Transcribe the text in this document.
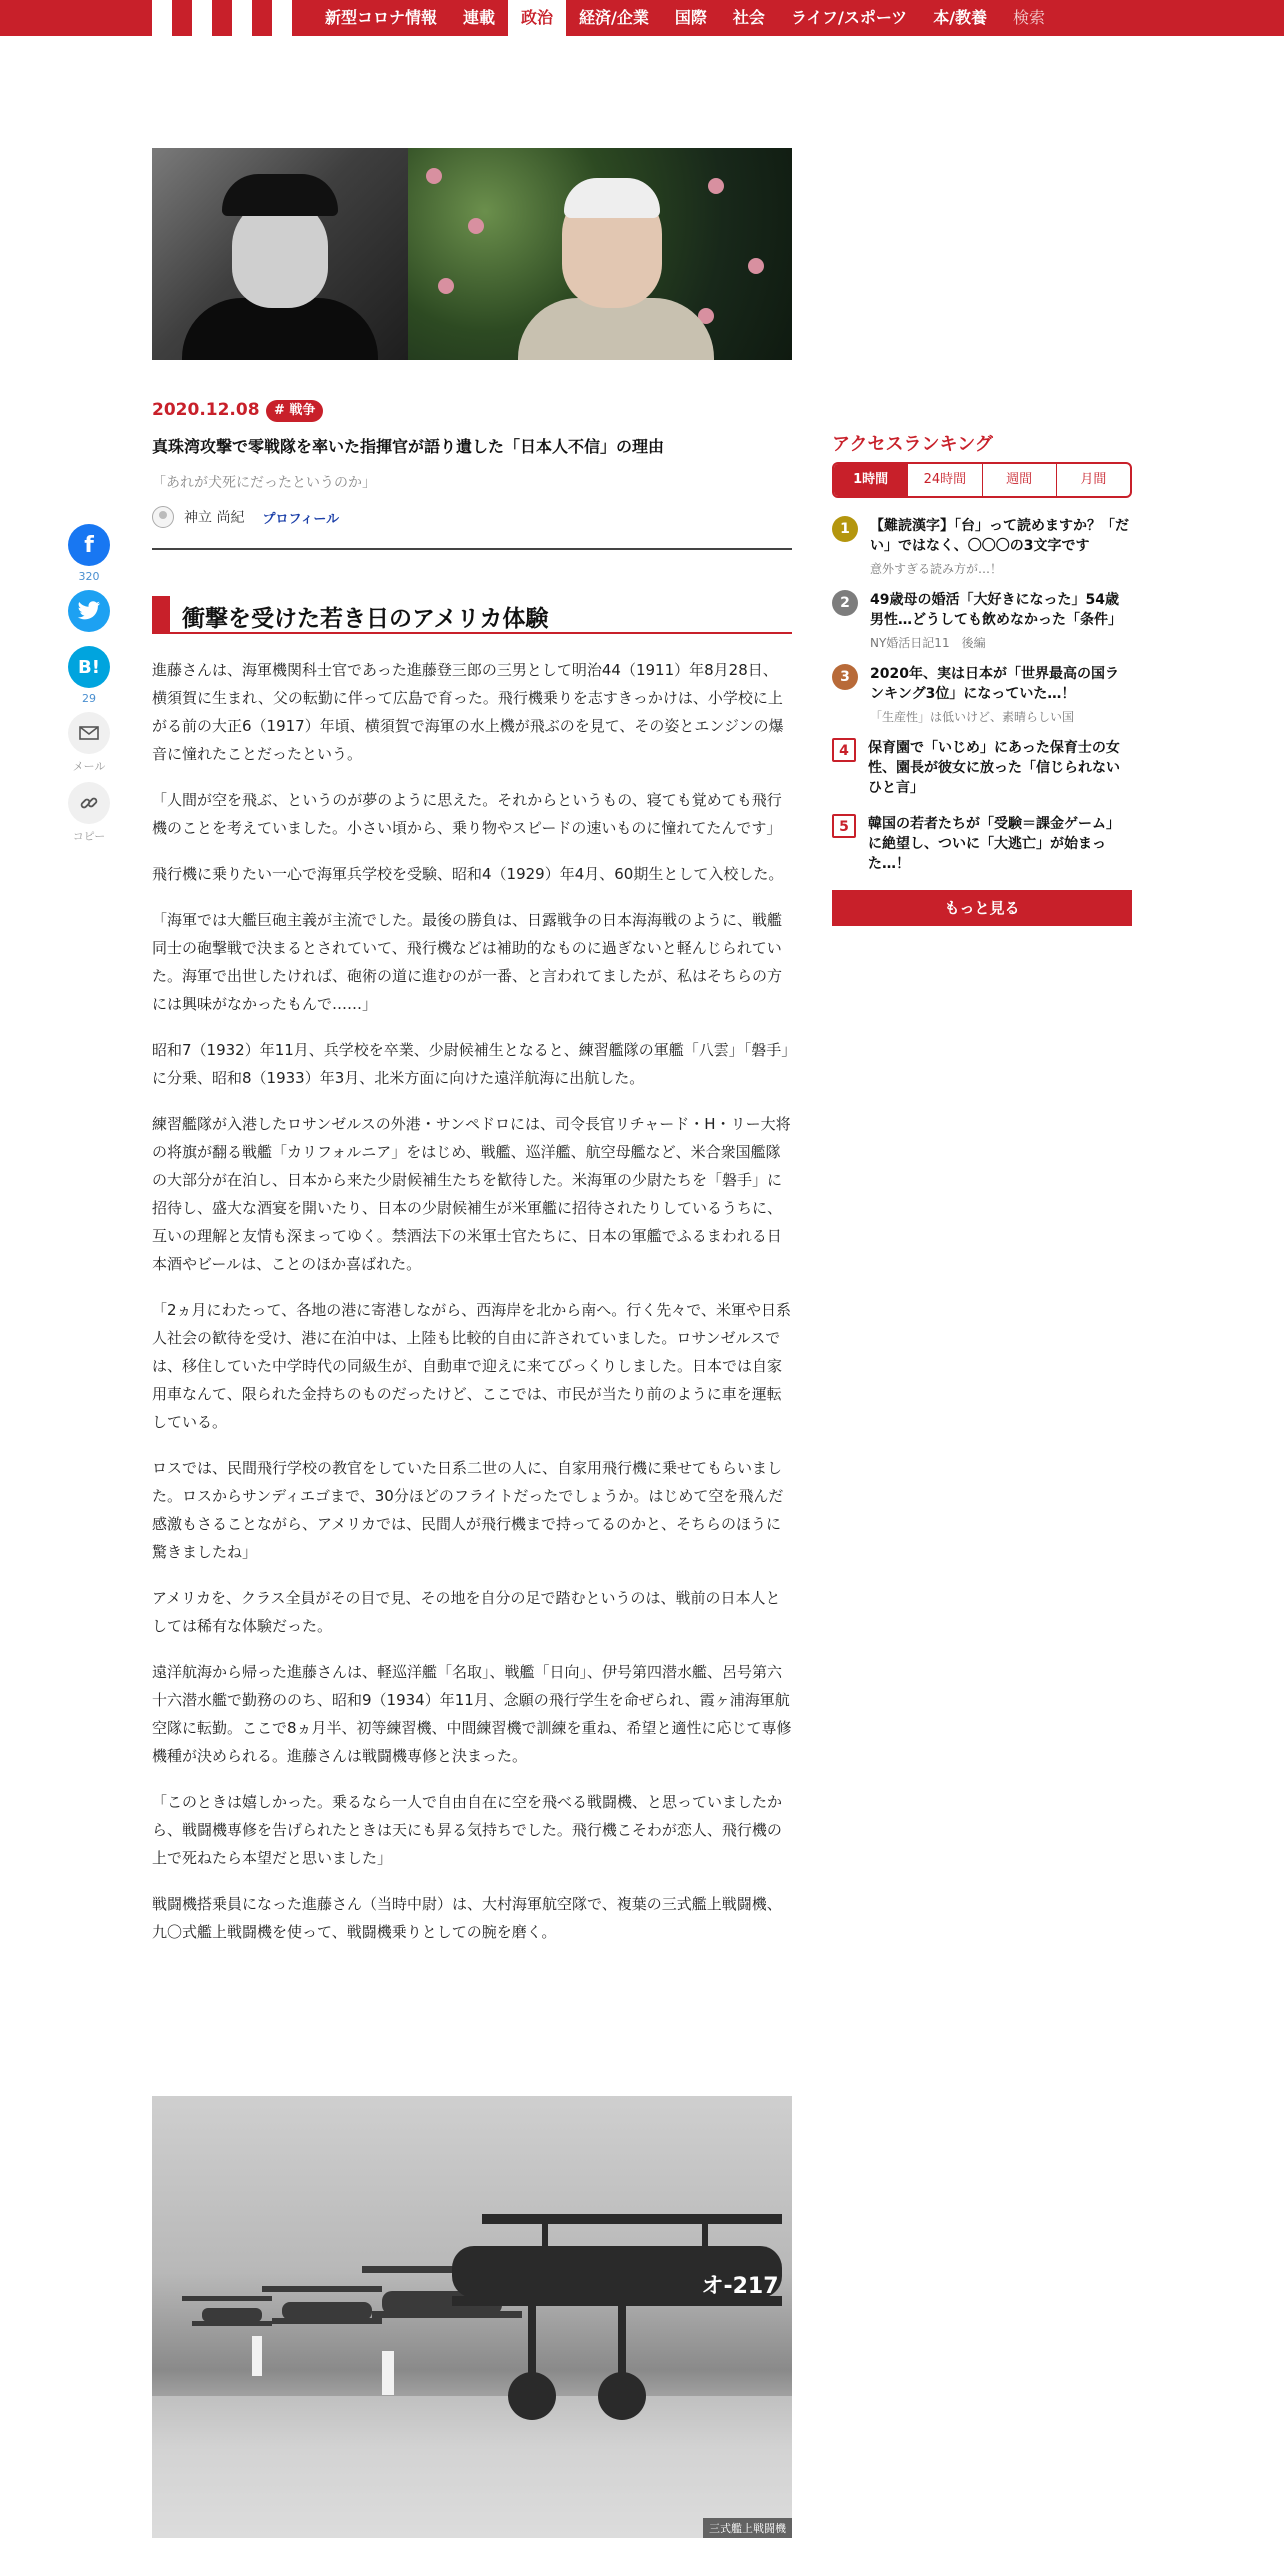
新型コロナ情報	連載	政治	経済/企業	国際	社会	ライフ/スポーツ	本/教養	検索
2020.12.08	# 戦争
真珠湾攻撃で零戦隊を率いた指揮官が語り遺した「日本人不信」の理由
「あれが犬死にだったというのか」
神立 尚紀 プロフィール
f
320
B!
29
メール
コピー
衝撃を受けた若き日のアメリカ体験

進藤さんは、海軍機関科士官であった進藤登三郎の三男として明治44（1911）年8月28日、横須賀に生まれ、父の転勤に伴って広島で育った。飛行機乗りを志すきっかけは、小学校に上がる前の大正6（1917）年頃、横須賀で海軍の水上機が飛ぶのを見て、その姿とエンジンの爆音に憧れたことだったという。

「人間が空を飛ぶ、というのが夢のように思えた。それからというもの、寝ても覚めても飛行機のことを考えていました。小さい頃から、乗り物やスピードの速いものに憧れてたんです」

飛行機に乗りたい一心で海軍兵学校を受験、昭和4（1929）年4月、60期生として入校した。

「海軍では大艦巨砲主義が主流でした。最後の勝負は、日露戦争の日本海海戦のように、戦艦同士の砲撃戦で決まるとされていて、飛行機などは補助的なものに過ぎないと軽んじられていた。海軍で出世したければ、砲術の道に進むのが一番、と言われてましたが、私はそちらの方には興味がなかったもんで……」

昭和7（1932）年11月、兵学校を卒業、少尉候補生となると、練習艦隊の軍艦「八雲」「磐手」に分乗、昭和8（1933）年3月、北米方面に向けた遠洋航海に出航した。

練習艦隊が入港したロサンゼルスの外港・サンペドロには、司令長官リチャード・H・リー大将の将旗が翻る戦艦「カリフォルニア」をはじめ、戦艦、巡洋艦、航空母艦など、米合衆国艦隊の大部分が在泊し、日本から来た少尉候補生たちを歓待した。米海軍の少尉たちを「磐手」に招待し、盛大な酒宴を開いたり、日本の少尉候補生が米軍艦に招待されたりしているうちに、互いの理解と友情も深まってゆく。禁酒法下の米軍士官たちに、日本の軍艦でふるまわれる日本酒やビールは、ことのほか喜ばれた。

「2ヵ月にわたって、各地の港に寄港しながら、西海岸を北から南へ。行く先々で、米軍や日系人社会の歓待を受け、港に在泊中は、上陸も比較的自由に許されていました。ロサンゼルスでは、移住していた中学時代の同級生が、自動車で迎えに来てびっくりしました。日本では自家用車なんて、限られた金持ちのものだったけど、ここでは、市民が当たり前のように車を運転している。

ロスでは、民間飛行学校の教官をしていた日系二世の人に、自家用飛行機に乗せてもらいました。ロスからサンディエゴまで、30分ほどのフライトだったでしょうか。はじめて空を飛んだ感激もさることながら、アメリカでは、民間人が飛行機まで持ってるのかと、そちらのほうに驚きましたね」

アメリカを、クラス全員がその目で見、その地を自分の足で踏むというのは、戦前の日本人としては稀有な体験だった。

遠洋航海から帰った進藤さんは、軽巡洋艦「名取」、戦艦「日向」、伊号第四潜水艦、呂号第六十六潜水艦で勤務ののち、昭和9（1934）年11月、念願の飛行学生を命ぜられ、霞ヶ浦海軍航空隊に転勤。ここで8ヵ月半、初等練習機、中間練習機で訓練を重ね、希望と適性に応じて専修機種が決められる。進藤さんは戦闘機専修と決まった。

「このときは嬉しかった。乗るなら一人で自由自在に空を飛べる戦闘機、と思っていましたから、戦闘機専修を告げられたときは天にも昇る気持ちでした。飛行機こそわが恋人、飛行機の上で死ねたら本望だと思いました」

戦闘機搭乗員になった進藤さん（当時中尉）は、大村海軍航空隊で、複葉の三式艦上戦闘機、九〇式艦上戦闘機を使って、戦闘機乗りとしての腕を磨く。

オ-217
三式艦上戦闘機
アクセスランキング
1時間	24時間	週間	月間
1	【難読漢字】「台」って読めますか？「だい」ではなく、〇〇〇の3文字です
意外すぎる読み方が…！
2	49歳母の婚活「大好きになった」54歳男性…どうしても飲めなかった「条件」
NY婚活日記11　後編
3	2020年、実は日本が「世界最高の国ランキング3位」になっていた…！
「生産性」は低いけど、素晴らしい国
4	保育園で「いじめ」にあった保育士の女性、園長が彼女に放った「信じられないひと言」
5	韓国の若者たちが「受験＝課金ゲーム」に絶望し、ついに「大逃亡」が始まった…！
もっと見る
